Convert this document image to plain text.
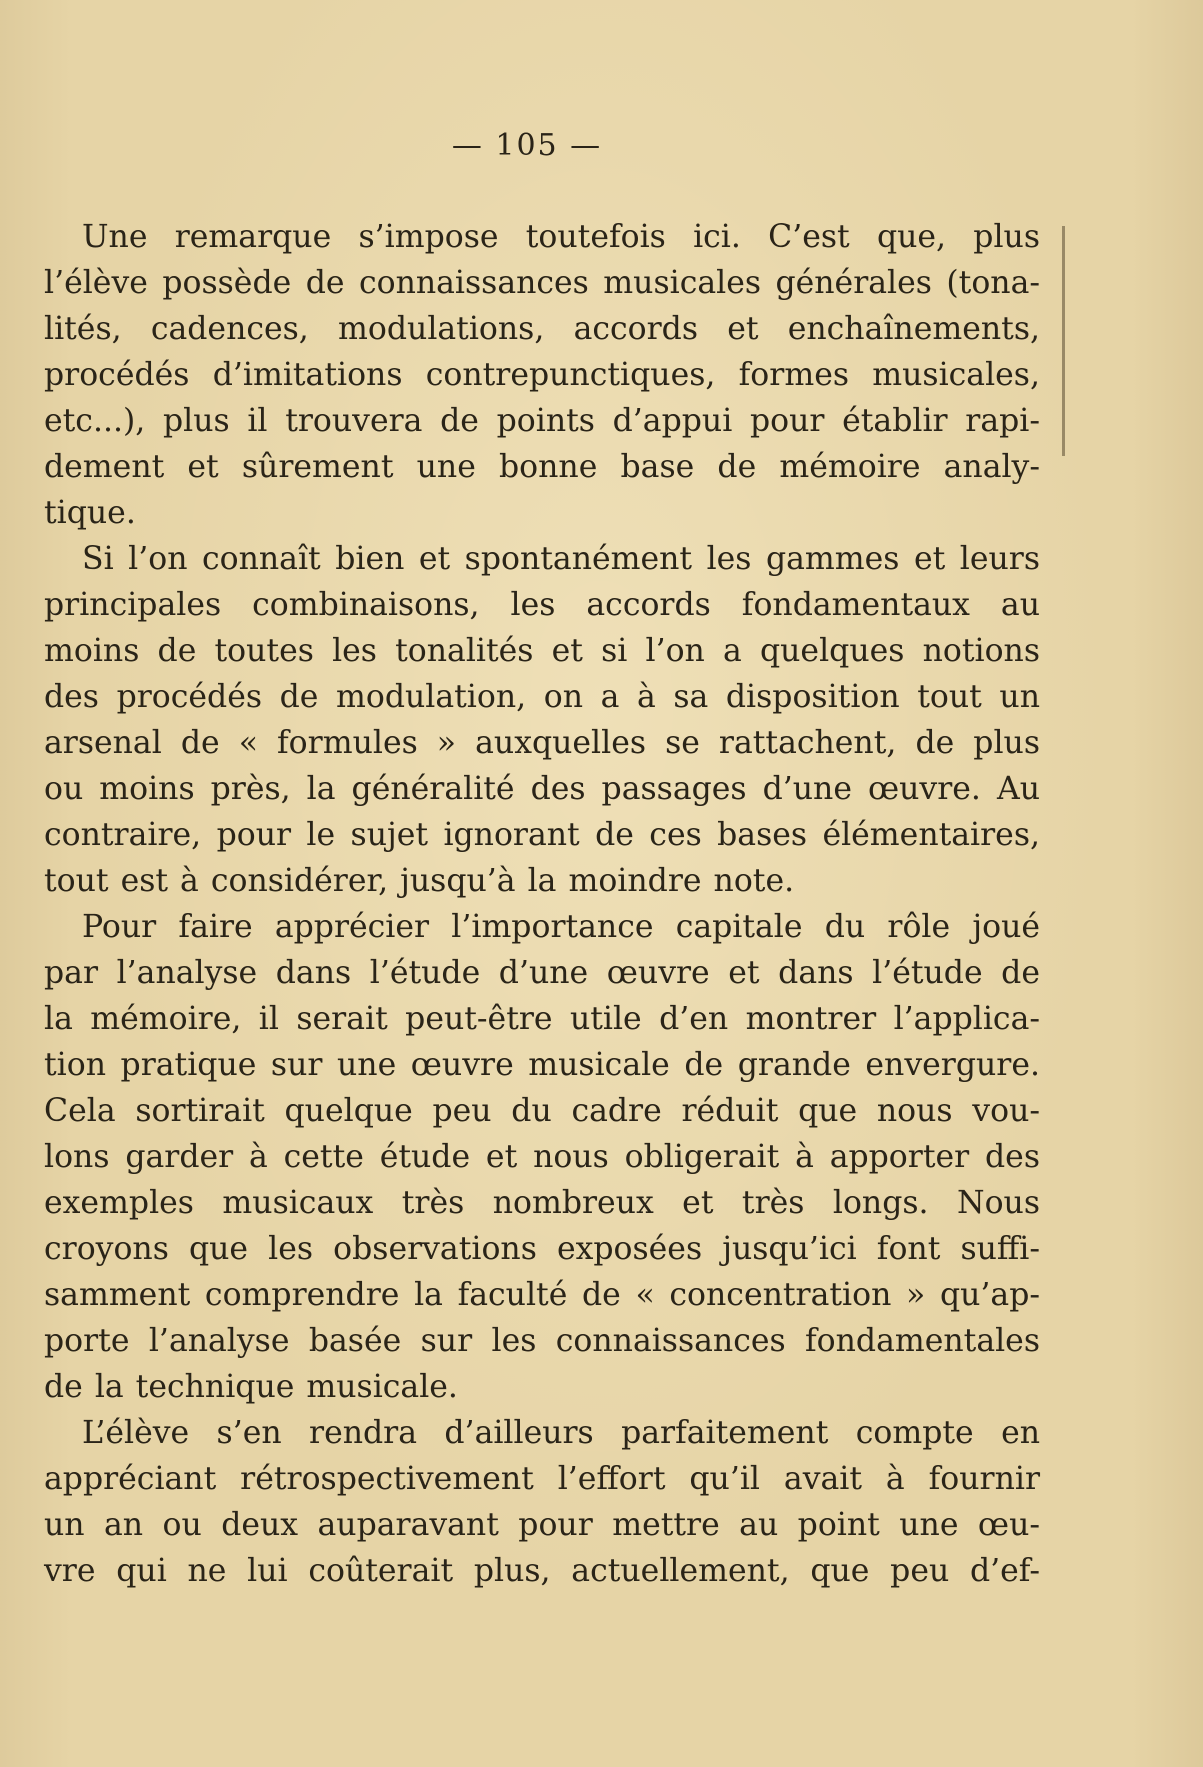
— 105 —
Une remarque s’impose toutefois ici. C’est que, plus
l’élève possède de connaissances musicales générales (tona-
lités, cadences, modulations, accords et enchaînements,
procédés d’imitations contrepunctiques, formes musicales,
etc...), plus il trouvera de points d’appui pour établir rapi-
dement et sûrement une bonne base de mémoire analy-
tique.
Si l’on connaît bien et spontanément les gammes et leurs
principales combinaisons, les accords fondamentaux au
moins de toutes les tonalités et si l’on a quelques notions
des procédés de modulation, on a à sa disposition tout un
arsenal de « formules » auxquelles se rattachent, de plus
ou moins près, la généralité des passages d’une œuvre. Au
contraire, pour le sujet ignorant de ces bases élémentaires,
tout est à considérer, jusqu’à la moindre note.
Pour faire apprécier l’importance capitale du rôle joué
par l’analyse dans l’étude d’une œuvre et dans l’étude de
la mémoire, il serait peut-être utile d’en montrer l’applica-
tion pratique sur une œuvre musicale de grande envergure.
Cela sortirait quelque peu du cadre réduit que nous vou-
lons garder à cette étude et nous obligerait à apporter des
exemples musicaux très nombreux et très longs. Nous
croyons que les observations exposées jusqu’ici font suffi-
samment comprendre la faculté de « concentration » qu’ap-
porte l’analyse basée sur les connaissances fondamentales
de la technique musicale.
L’élève s’en rendra d’ailleurs parfaitement compte en
appréciant rétrospectivement l’effort qu’il avait à fournir
un an ou deux auparavant pour mettre au point une œu-
vre qui ne lui coûterait plus, actuellement, que peu d’ef-
